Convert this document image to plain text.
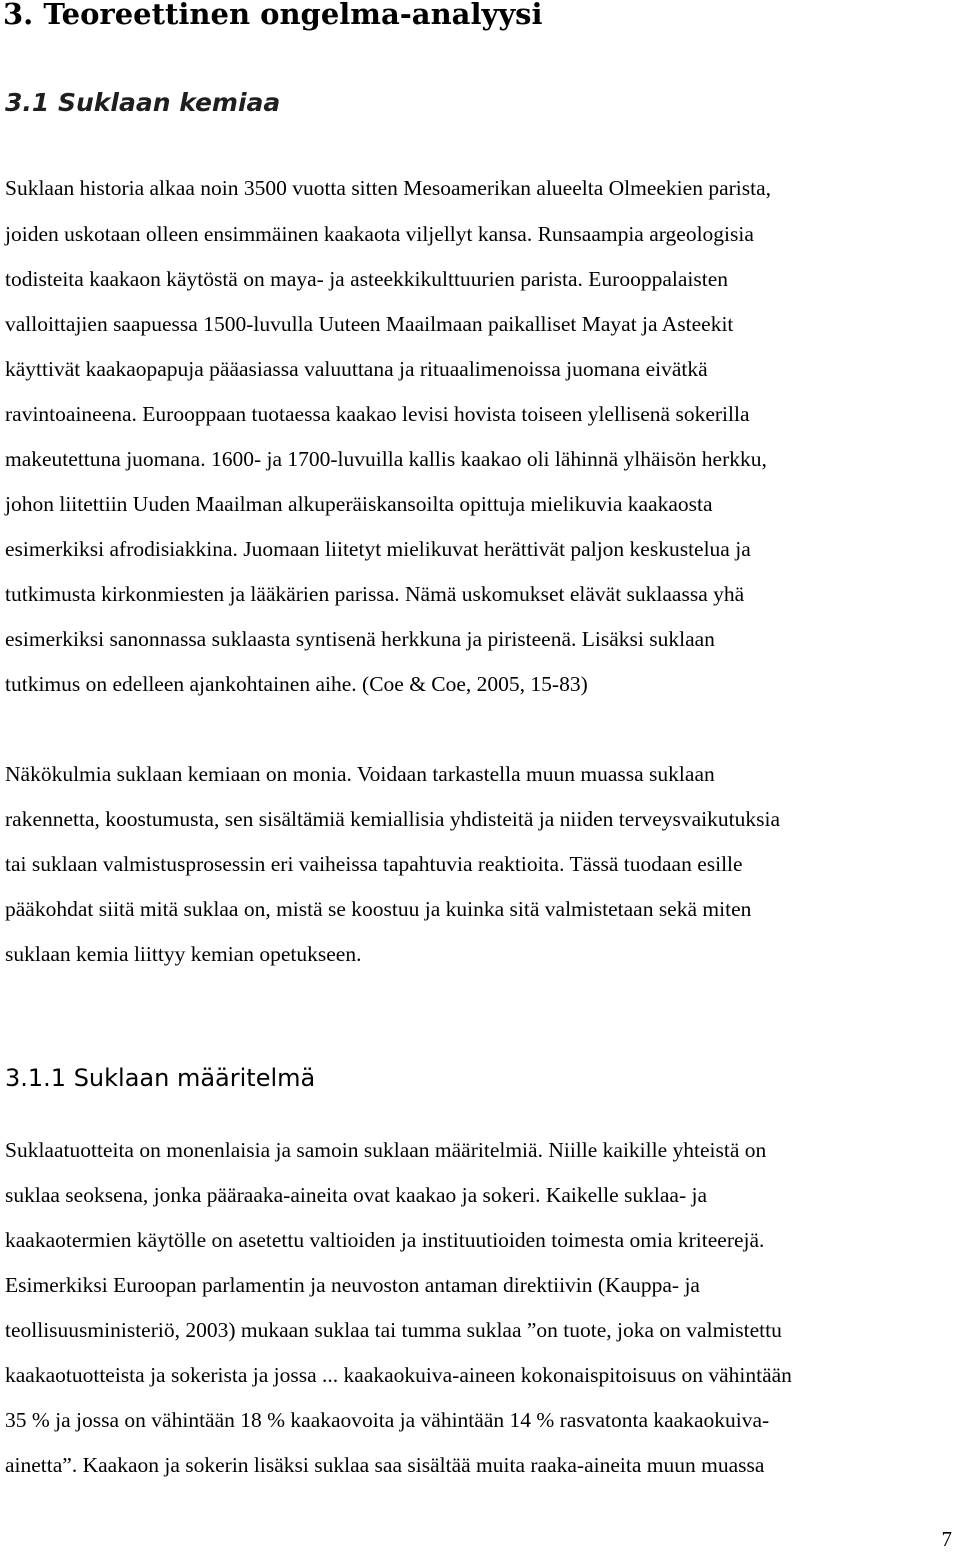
3. Teoreettinen ongelma-analyysi
3.1 Suklaan kemiaa

Suklaan historia alkaa noin 3500 vuotta sitten Mesoamerikan alueelta Olmeekien parista,

joiden uskotaan olleen ensimmäinen kaakaota viljellyt kansa. Runsaampia argeologisia

todisteita kaakaon käytöstä on maya- ja asteekkikulttuurien parista. Eurooppalaisten

valloittajien saapuessa 1500-luvulla Uuteen Maailmaan paikalliset Mayat ja Asteekit

käyttivät kaakaopapuja pääasiassa valuuttana ja rituaalimenoissa juomana eivätkä

ravintoaineena. Eurooppaan tuotaessa kaakao levisi hovista toiseen ylellisenä sokerilla

makeutettuna juomana. 1600- ja 1700-luvuilla kallis kaakao oli lähinnä ylhäisön herkku,

johon liitettiin Uuden Maailman alkuperäiskansoilta opittuja mielikuvia kaakaosta

esimerkiksi afrodisiakkina. Juomaan liitetyt mielikuvat herättivät paljon keskustelua ja

tutkimusta kirkonmiesten ja lääkärien parissa. Nämä uskomukset elävät suklaassa yhä

esimerkiksi sanonnassa suklaasta syntisenä herkkuna ja piristeenä. Lisäksi suklaan

tutkimus on edelleen ajankohtainen aihe. (Coe & Coe, 2005, 15-83)

Näkökulmia suklaan kemiaan on monia. Voidaan tarkastella muun muassa suklaan

rakennetta, koostumusta, sen sisältämiä kemiallisia yhdisteitä ja niiden terveysvaikutuksia

tai suklaan valmistusprosessin eri vaiheissa tapahtuvia reaktioita. Tässä tuodaan esille

pääkohdat siitä mitä suklaa on, mistä se koostuu ja kuinka sitä valmistetaan sekä miten

suklaan kemia liittyy kemian opetukseen.

3.1.1 Suklaan määritelmä

Suklaatuotteita on monenlaisia ja samoin suklaan määritelmiä. Niille kaikille yhteistä on

suklaa seoksena, jonka pääraaka-aineita ovat kaakao ja sokeri. Kaikelle suklaa- ja

kaakaotermien käytölle on asetettu valtioiden ja instituutioiden toimesta omia kriteerejä.

Esimerkiksi Euroopan parlamentin ja neuvoston antaman direktiivin (Kauppa- ja

teollisuusministeriö, 2003) mukaan suklaa tai tumma suklaa ”on tuote, joka on valmistettu

kaakaotuotteista ja sokerista ja jossa ... kaakaokuiva-aineen kokonaispitoisuus on vähintään

35 % ja jossa on vähintään 18 % kaakaovoita ja vähintään 14 % rasvatonta kaakaokuiva-

ainetta”. Kaakaon ja sokerin lisäksi suklaa saa sisältää muita raaka-aineita muun muassa

7
